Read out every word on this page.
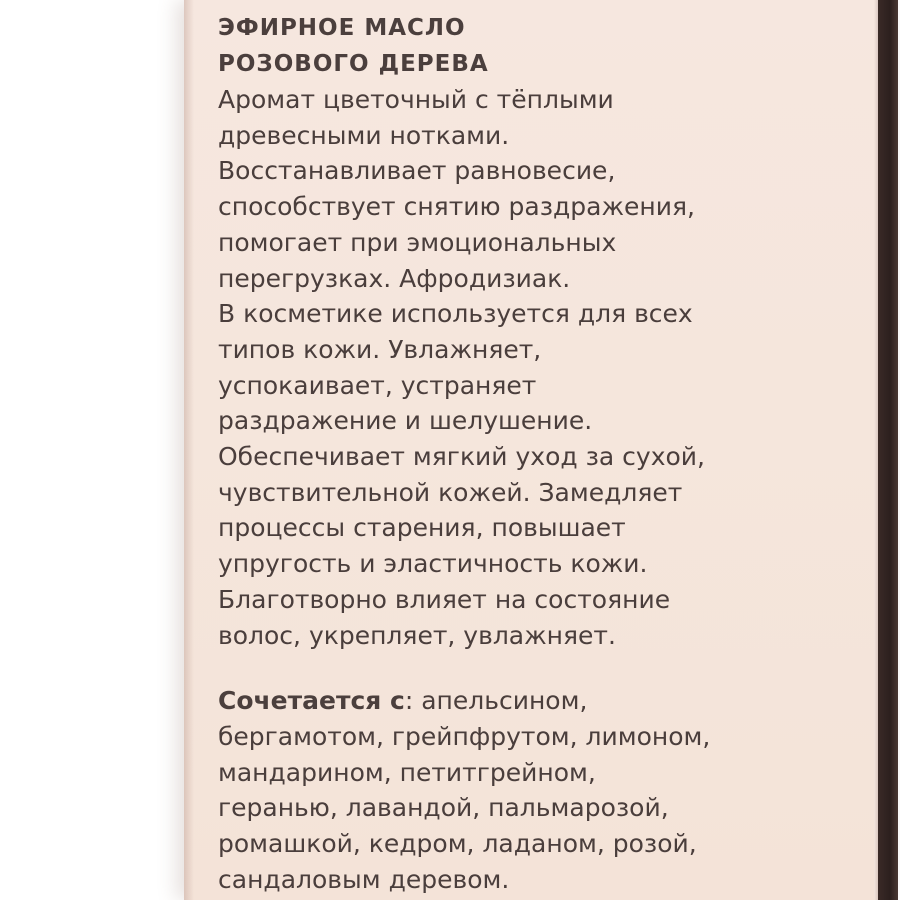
ЭФИРНОЕ МАСЛО
РОЗОВОГО ДЕРЕВА
Аромат цветочный с тёплыми
древесными нотками.
Восстанавливает равновесие,
способствует снятию раздражения,
помогает при эмоциональных
перегрузках. Афродизиак.
В косметике используется для всех
типов кожи. Увлажняет,
успокаивает, устраняет
раздражение и шелушение.
Обеспечивает мягкий уход за сухой,
чувствительной кожей. Замедляет
процессы старения, повышает
упругость и эластичность кожи.
Благотворно влияет на состояние
волос, укрепляет, увлажняет.
Сочетается с: апельсином,
бергамотом, грейпфрутом, лимоном,
мандарином, петитгрейном,
геранью, лавандой, пальмарозой,
ромашкой, кедром, ладаном, розой,
сандаловым деревом.
